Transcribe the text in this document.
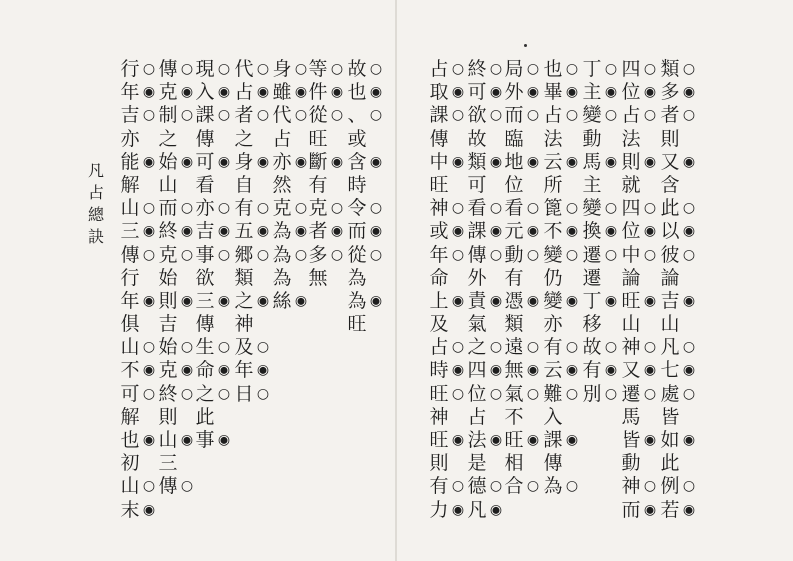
凡
占
總
訣
故
也
、
或
含
時
令
而
從
為
為
旺
等
件
從
旺
斷
有
克
者
多
無
身
雖
代
占
亦
然
克
為
為
為
絲
代
占
者
之
身
自
有
五
郷
類
之
神
及
年
日
現
入
課
傳
可
看
亦
吉
事
欲
三
傳
生
命
之
此
事
傳
克
制
之
始
山
而
終
克
始
則
吉
始
克
終
則
山
三
傳
行
年
吉
亦
能
解
山
三
傳
行
年
俱
山
不
可
解
也
初
山
末
○
◉
○
◉
○
◉
○
◉
○
◉
○
◉
○
◉
○
○
◉
○
◉
○
◉
○
◉
○
◉
○
◉
○
◉
○
◉
○
◉
○
○
◉
○
◉
○
◉
○
◉
○
◉
○
◉
○
◉
○
◉
○
◉
○
◉
○
◉
○
◉
○
○
◉
○
◉
○
◉
○
◉
○
◉
○
◉
○
◉
類
多
者
則
又
含
此
以
彼
論
吉
山
凡
七
處
皆
如
此
例
若
四
位
占
法
則
就
四
位
中
論
旺
山
神
又
遷
馬
皆
動
神
而
丁
主
變
動
馬
主
變
換
遷
遷
丁
移
故
有
別
也
畢
占
法
云
所
篦
不
變
仍
變
亦
有
云
難
入
課
傳
為
局
外
而
臨
地
位
看
元
動
有
憑
類
遠
無
氣
不
旺
相
合
終
可
欲
故
類
可
看
課
傳
外
責
氣
之
四
位
占
法
是
德
凡
占
取
課
傳
中
旺
神
或
年
命
上
及
占
時
旺
神
旺
則
有
力
○
◉
○
◉
○
◉
○
◉
○
◉
○
◉
○
◉
○
◉
○
◉
○
◉
○
◉
○
◉
○
◉
○
◉
○
◉
○
◉
○
◉
○
◉
○
◉
○
○
◉
○
◉
○
◉
○
◉
○
◉
○
◉
○
○
◉
○
◉
○
◉
○
◉
○
◉
○
◉
○
○
◉
○
◉
○
◉
○
◉
○
◉
○
◉
○
◉
○
◉
○
◉
○
◉
○
◉
○
◉
○
◉
○
◉
